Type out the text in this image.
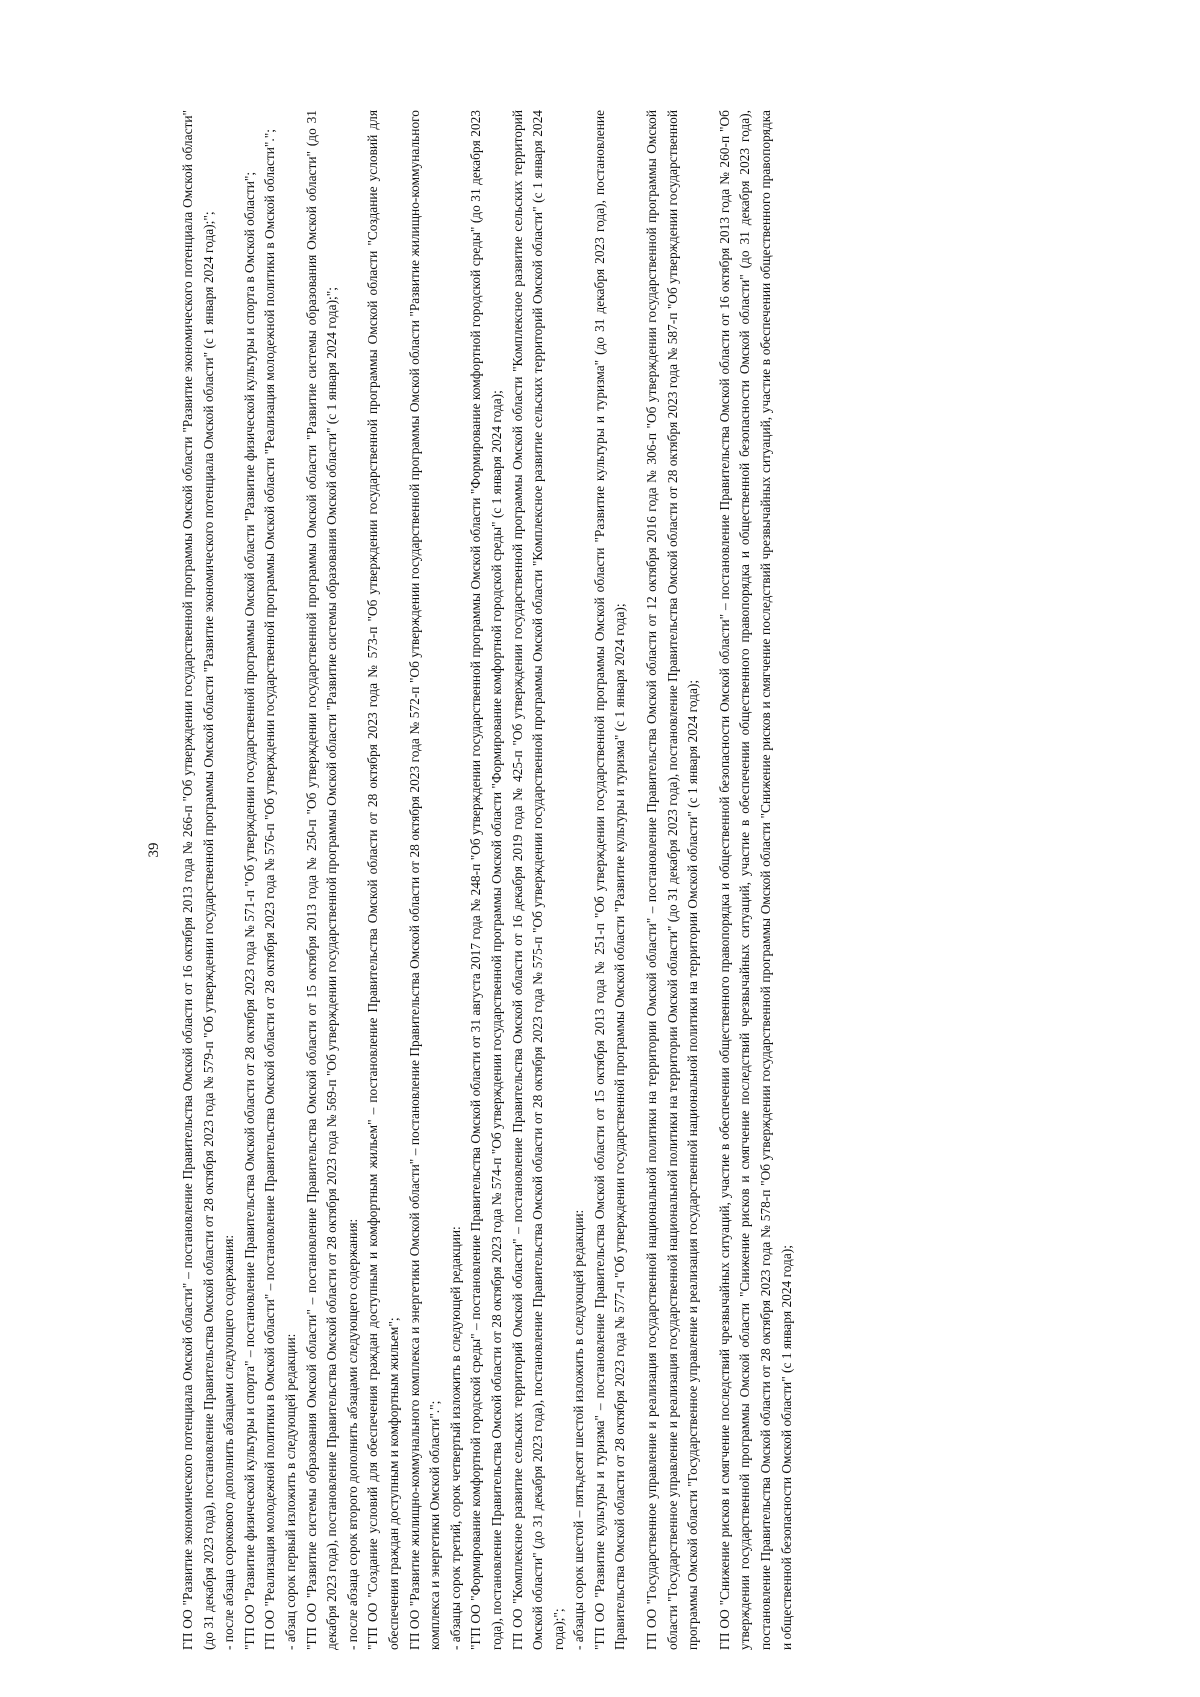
39 ГП ОО "Развитие экономического потенциала Омской области" – постановление Правительства Омской области от 16 октября 2013 года № 266-п "Об утверждении государственной программы Омской области "Развитие экономического потенциала Омской области" (до 31 декабря 2023 года), постановление Правительства Омской области от 28 октября 2023 года № 579-п "Об утверждении государственной программы Омской области "Развитие экономического потенциала Омской области" (с 1 января 2024 года);"; - после абзаца сорокового дополнить абзацами следующего содержания: "ГП ОО "Развитие физической культуры и спорта" – постановление Правительства Омской области от 28 октября 2023 года № 571-п "Об утверждении государственной программы Омской области "Развитие физической культуры и спорта в Омской области"; ГП ОО "Реализация молодежной политики в Омской области" – постановление Правительства Омской области от 28 октября 2023 года № 576-п "Об утверждении государственной программы Омской области "Реализация молодежной политики в Омской области"."; - абзац сорок первый изложить в следующей редакции: "ГП ОО "Развитие системы образования Омской области" – постановление Правительства Омской области от 15 октября 2013 года № 250-п "Об утверждении государственной программы Омской области "Развитие системы образования Омской области" (до 31 декабря 2023 года), постановление Правительства Омской области от 28 октября 2023 года № 569-п "Об утверждении государственной программы Омской области "Развитие системы образования Омской области" (с 1 января 2024 года);"; - после абзаца сорок второго дополнить абзацами следующего содержания: "ГП ОО "Создание условий для обеспечения граждан доступным и комфортным жильем" – постановление Правительства Омской области от 28 октября 2023 года № 573-п "Об утверждении государственной программы Омской области "Создание условий для обеспечения граждан доступным и комфортным жильем"; ГП ОО "Развитие жилищно-коммунального комплекса и энергетики Омской области" – постановление Правительства Омской области от 28 октября 2023 года № 572-п "Об утверждении государственной программы Омской области "Развитие жилищно-коммунального комплекса и энергетики Омской области"."; - абзацы сорок третий, сорок четвертый изложить в следующей редакции: "ГП ОО "Формирование комфортной городской среды" – постановление Правительства Омской области от 31 августа 2017 года № 248-п "Об утверждении государственной программы Омской области "Формирование комфортной городской среды" (до 31 декабря 2023 года), постановление Правительства Омской области от 28 октября 2023 года № 574-п "Об утверждении государственной программы Омской области "Формирование комфортной городской среды" (с 1 января 2024 года); ГП ОО "Комплексное развитие сельских территорий Омской области" – постановление Правительства Омской области от 16 декабря 2019 года № 425-п "Об утверждении государственной программы Омской области "Комплексное развитие сельских территорий Омской области" (до 31 декабря 2023 года), постановление Правительства Омской области от 28 октября 2023 года № 575-п "Об утверждении государственной программы Омской области "Комплексное развитие сельских территорий Омской области" (с 1 января 2024 года);"; - абзацы сорок шестой – пятьдесят шестой изложить в следующей редакции: "ГП ОО "Развитие культуры и туризма" – постановление Правительства Омской области от 15 октября 2013 года № 251-п "Об утверждении государственной программы Омской области "Развитие культуры и туризма" (до 31 декабря 2023 года), постановление Правительства Омской области от 28 октября 2023 года № 577-п "Об утверждении государственной программы Омской области "Развитие культуры и туризма" (с 1 января 2024 года); ГП ОО "Государственное управление и реализация государственной национальной политики на территории Омской области" – постановление Правительства Омской области от 12 октября 2016 года № 306-п "Об утверждении государственной программы Омской области "Государственное управление и реализация государственной национальной политики на территории Омской области" (до 31 декабря 2023 года), постановление Правительства Омской области от 28 октября 2023 года № 587-п "Об утверждении государственной программы Омской области "Государственное управление и реализация государственной национальной политики на территории Омской области" (с 1 января 2024 года); ГП ОО "Снижение рисков и смягчение последствий чрезвычайных ситуаций, участие в обеспечении общественного правопорядка и общественной безопасности Омской области" – постановление Правительства Омской области от 16 октября 2013 года № 260-п "Об утверждении государственной программы Омской области "Снижение рисков и смягчение последствий чрезвычайных ситуаций, участие в обеспечении общественного правопорядка и общественной безопасности Омской области" (до 31 декабря 2023 года), постановление Правительства Омской области от 28 октября 2023 года № 578-п "Об утверждении государственной программы Омской области "Снижение рисков и смягчение последствий чрезвычайных ситуаций, участие в обеспечении общественного правопорядка и общественной безопасности Омской области" (с 1 января 2024 года);
